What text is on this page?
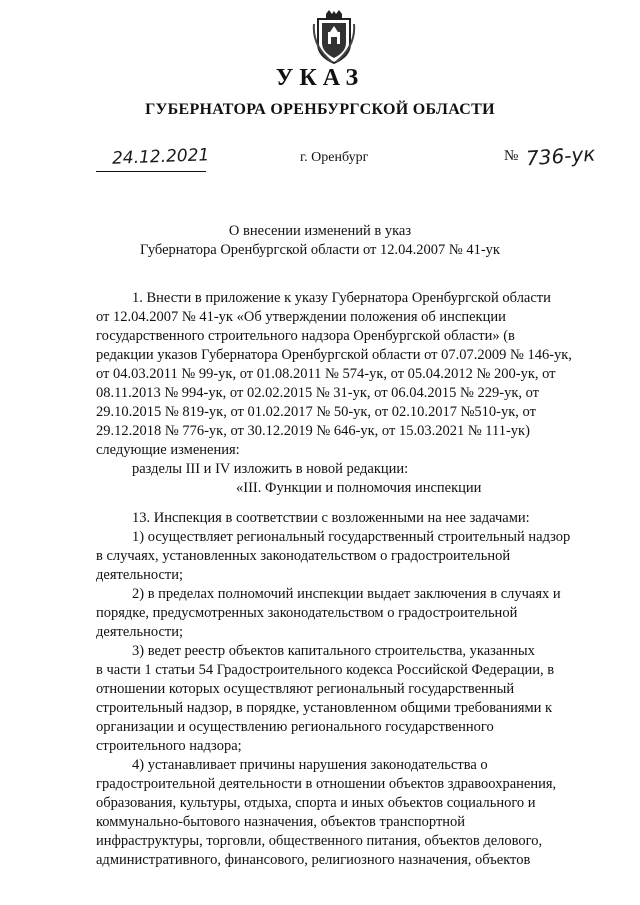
УКАЗ
ГУБЕРНАТОРА ОРЕНБУРГСКОЙ ОБЛАСТИ
24.12.2021	г. Оренбург	№ 736-ук
О внесении изменений в указ
Губернатора Оренбургской области от 12.04.2007 № 41-ук

1. Внести в приложение к указу Губернатора Оренбургской области

от 12.04.2007 № 41-ук «Об утверждении положения об инспекции

государственного строительного надзора Оренбургской области» (в

редакции указов Губернатора Оренбургской области от 07.07.2009 № 146-ук,

от 04.03.2011 № 99-ук, от 01.08.2011 № 574-ук, от 05.04.2012 № 200-ук, от

08.11.2013 № 994-ук, от 02.02.2015 № 31-ук, от 06.04.2015 № 229-ук, от

29.10.2015 № 819-ук, от 01.02.2017 № 50-ук, от 02.10.2017 №510-ук, от

29.12.2018 № 776-ук, от 30.12.2019 № 646-ук, от 15.03.2021 № 111-ук)

следующие изменения:

разделы III и IV изложить в новой редакции:

«III. Функции и полномочия инспекции

13. Инспекция в соответствии с возложенными на нее задачами:

1) осуществляет региональный государственный строительный надзор

в случаях, установленных законодательством о градостроительной

деятельности;

2) в пределах полномочий инспекции выдает заключения в случаях и

порядке, предусмотренных законодательством о градостроительной

деятельности;

3) ведет реестр объектов капитального строительства, указанных

в части 1 статьи 54 Градостроительного кодекса Российской Федерации, в

отношении которых осуществляют региональный государственный

строительный надзор, в порядке, установленном общими требованиями к

организации и осуществлению регионального государственного

строительного надзора;

4) устанавливает причины нарушения законодательства о

градостроительной деятельности в отношении объектов здравоохранения,

образования, культуры, отдыха, спорта и иных объектов социального и

коммунально-бытового назначения, объектов транспортной

инфраструктуры, торговли, общественного питания, объектов делового,

административного, финансового, религиозного назначения, объектов
